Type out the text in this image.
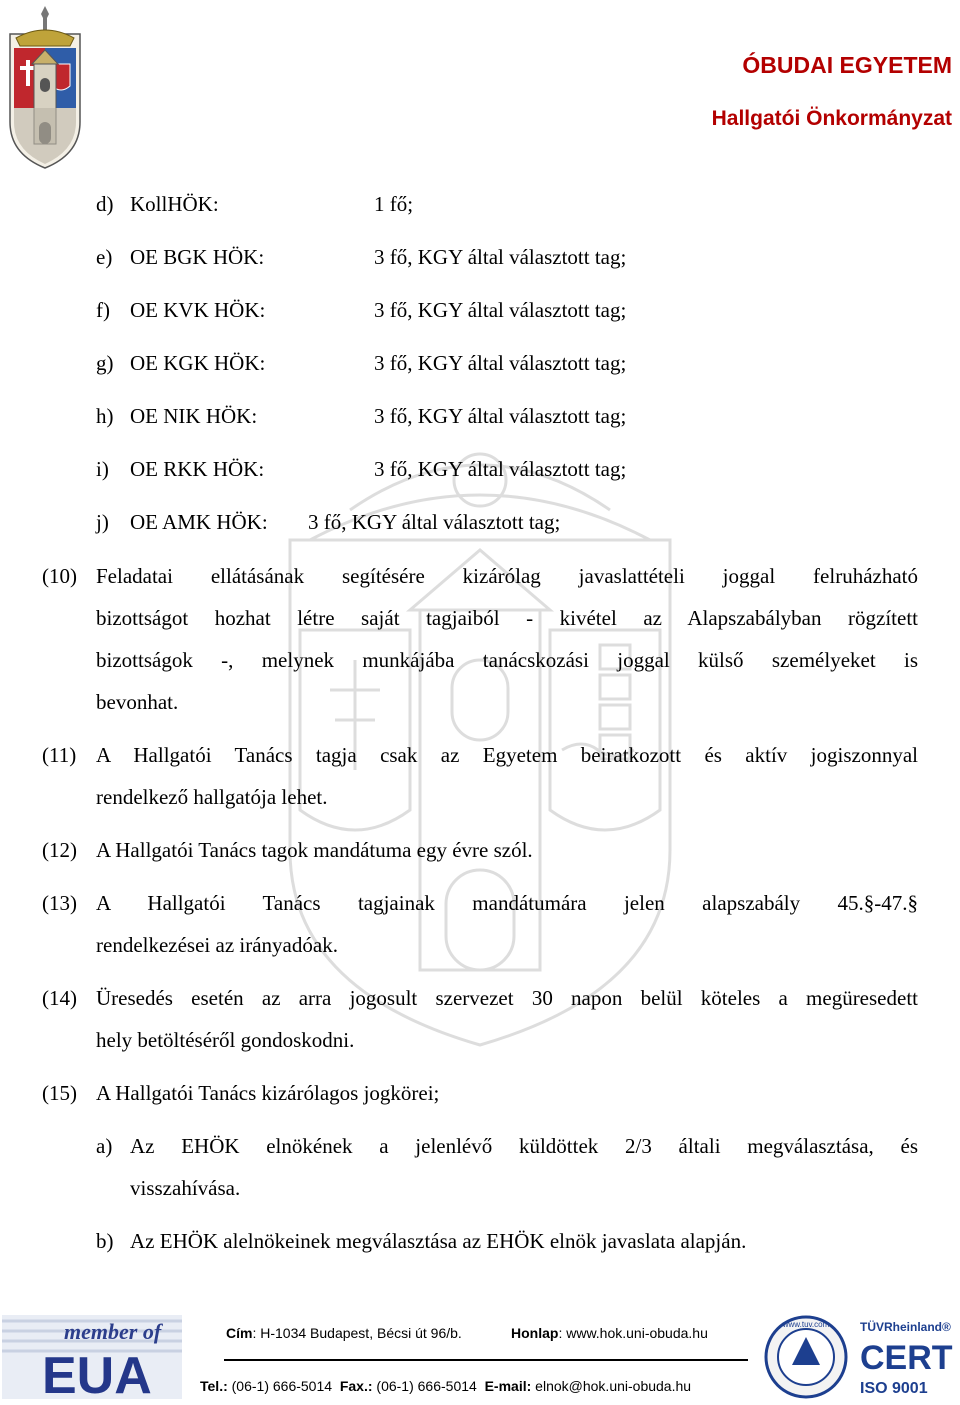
ÓBUDAI EGYETEM
Hallgatói Önkormányzat
d) KollHÖK:	1 fő;
e) OE BGK HÖK:	3 fő, KGY által választott tag;
f) OE KVK HÖK:	3 fő, KGY által választott tag;
g) OE KGK HÖK:	3 fő, KGY által választott tag;
h) OE NIK HÖK:	3 fő, KGY által választott tag;
i) OE RKK HÖK:	3 fő, KGY által választott tag;
j) OE AMK HÖK: 3 fő, KGY által választott tag;
(10) Feladatai ellátásának segítésére kizárólag javaslattételi joggal felruházható
bizottságot hozhat létre saját tagjaiból - kivétel az Alapszabályban rögzített
bizottságok -, melynek munkájába tanácskozási joggal külső személyeket is
bevonhat.
(11) A Hallgatói Tanács tagja csak az Egyetem beiratkozott és aktív jogiszonnyal
rendelkező hallgatója lehet.
(12) A Hallgatói Tanács tagok mandátuma egy évre szól.
(13) A Hallgatói Tanács tagjainak mandátumára jelen alapszabály 45.§-47.§
rendelkezései az irányadóak.
(14) Üresedés esetén az arra jogosult szervezet 30 napon belül köteles a megüresedett
hely betöltéséről gondoskodni.
(15) A Hallgatói Tanács kizárólagos jogkörei;
a) Az EHÖK elnökének a jelenlévő küldöttek 2/3 általi megválasztása, és
visszahívása.
b) Az EHÖK alelnökeinek megválasztása az EHÖK elnök javaslata alapján.
member of
EUA
Cím: H-1034 Budapest, Bécsi út 96/b.	Honlap: www.hok.uni-obuda.hu
Tel.: (06-1) 666-5014 Fax.: (06-1) 666-5014 E-mail: elnok@hok.uni-obuda.hu
www.tuv.com	TÜVRheinland®
CERT
ISO 9001
